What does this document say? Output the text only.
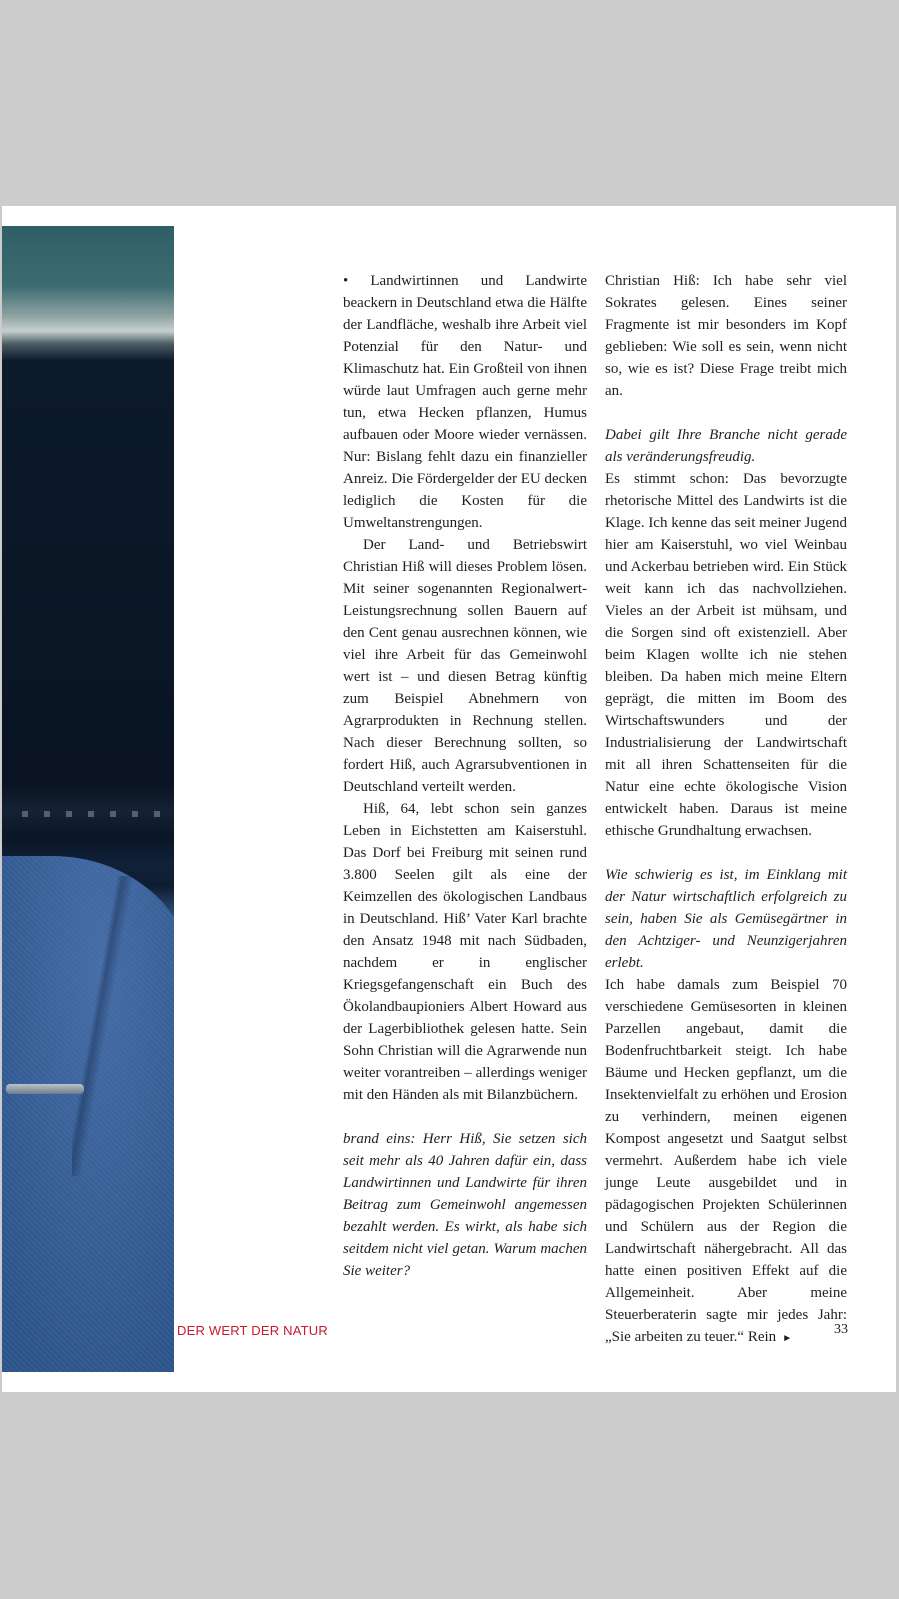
• Landwirtinnen und Landwirte beackern in Deutschland etwa die Hälfte der Landfläche, weshalb ihre Arbeit viel Potenzial für den Natur- und Klimaschutz hat. Ein Großteil von ihnen würde laut Umfragen auch gerne mehr tun, etwa Hecken pflanzen, Humus aufbauen oder Moore wieder vernässen. Nur: Bislang fehlt dazu ein finanzieller Anreiz. Die Fördergelder der EU decken lediglich die Kosten für die Umweltanstrengungen.

Der Land- und Betriebswirt Christian Hiß will dieses Problem lösen. Mit seiner sogenannten Regionalwert-Leistungsrechnung sollen Bauern auf den Cent genau ausrechnen können, wie viel ihre Arbeit für das Gemeinwohl wert ist – und diesen Betrag künftig zum Beispiel Abnehmern von Agrarprodukten in Rechnung stellen. Nach dieser Berechnung sollten, so fordert Hiß, auch Agrarsubventionen in Deutschland verteilt werden.

Hiß, 64, lebt schon sein ganzes Leben in Eichstetten am Kaiserstuhl. Das Dorf bei Freiburg mit seinen rund 3.800 Seelen gilt als eine der Keimzellen des ökologischen Landbaus in Deutschland. Hiß’ Vater Karl brachte den Ansatz 1948 mit nach Südbaden, nachdem er in englischer Kriegsgefangenschaft ein Buch des Ökolandbaupioniers Albert Howard aus der Lagerbibliothek gelesen hatte. Sein Sohn Christian will die Agrarwende nun weiter vorantreiben – allerdings weniger mit den Händen als mit Bilanzbüchern.

brand eins: Herr Hiß, Sie setzen sich seit mehr als 40 Jahren dafür ein, dass Landwirtinnen und Landwirte für ihren Beitrag zum Gemeinwohl angemessen bezahlt werden. Es wirkt, als habe sich seitdem nicht viel getan. Warum machen Sie weiter?

Christian Hiß: Ich habe sehr viel Sokrates gelesen. Eines seiner Fragmente ist mir besonders im Kopf geblieben: Wie soll es sein, wenn nicht so, wie es ist? Diese Frage treibt mich an.

Dabei gilt Ihre Branche nicht gerade als veränderungsfreudig.

Es stimmt schon: Das bevorzugte rhetorische Mittel des Landwirts ist die Klage. Ich kenne das seit meiner Jugend hier am Kaiserstuhl, wo viel Weinbau und Ackerbau betrieben wird. Ein Stück weit kann ich das nachvollziehen. Vieles an der Arbeit ist mühsam, und die Sorgen sind oft existenziell. Aber beim Klagen wollte ich nie stehen bleiben. Da haben mich meine Eltern geprägt, die mitten im Boom des Wirtschaftswunders und der Industrialisierung der Landwirtschaft mit all ihren Schattenseiten für die Natur eine echte ökologische Vision entwickelt haben. Daraus ist meine ethische Grundhaltung erwachsen.

Wie schwierig es ist, im Einklang mit der Natur wirtschaftlich erfolgreich zu sein, haben Sie als Gemüsegärtner in den Achtziger- und Neunzigerjahren erlebt.

Ich habe damals zum Beispiel 70 verschiedene Gemüsesorten in kleinen Parzellen angebaut, damit die Bodenfruchtbarkeit steigt. Ich habe Bäume und Hecken gepflanzt, um die Insektenvielfalt zu erhöhen und Erosion zu verhindern, meinen eigenen Kompost angesetzt und Saatgut selbst vermehrt. Außerdem habe ich viele junge Leute ausgebildet und in pädagogischen Projekten Schülerinnen und Schülern aus der Region die Landwirtschaft nähergebracht. All das hatte einen positiven Effekt auf die Allgemeinheit. Aber meine Steuerberaterin sagte mir jedes Jahr: „Sie arbeiten zu teuer.“ Rein ►

DER WERT DER NATUR	33
